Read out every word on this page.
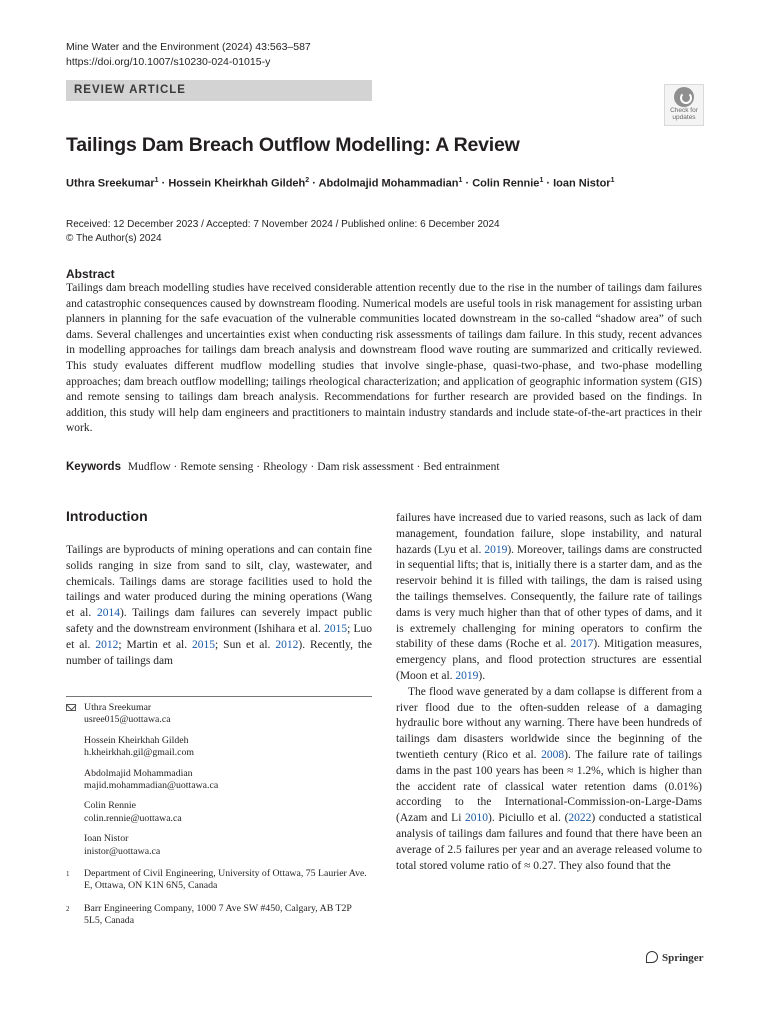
Mine Water and the Environment (2024) 43:563–587
https://doi.org/10.1007/s10230-024-01015-y
REVIEW ARTICLE
Check for
updates
Tailings Dam Breach Outflow Modelling: A Review
Uthra Sreekumar$^1$ · Hossein Kheirkhah Gildeh$^2$ · Abdolmajid Mohammadian$^1$ · Colin Rennie$^1$ · Ioan Nistor$^1$
Received: 12 December 2023 / Accepted: 7 November 2024 / Published online: 6 December 2024
© The Author(s) 2024
Abstract
Tailings dam breach modelling studies have received considerable attention recently due to the rise in the number of tailings dam failures and catastrophic consequences caused by downstream flooding. Numerical models are useful tools in risk management for assisting urban planners in planning for the safe evacuation of the vulnerable communities located downstream in the so-called “shadow area” of such dams. Several challenges and uncertainties exist when conducting risk assessments of tailings dam failure. In this study, recent advances in modelling approaches for tailings dam breach analysis and downstream flood wave routing are summarized and critically reviewed. This study evaluates different mudflow modelling studies that involve single-phase, quasi-two-phase, and two-phase modelling approaches; dam breach outflow modelling; tailings rheological characterization; and application of geographic information system (GIS) and remote sensing to tailings dam breach analysis. Recommendations for further research are provided based on the findings. In addition, this study will help dam engineers and practitioners to maintain industry standards and include state-of-the-art practices in their work.
Keywords Mudflow · Remote sensing · Rheology · Dam risk assessment · Bed entrainment
Introduction

Tailings are byproducts of mining operations and can contain fine solids ranging in size from sand to silt, clay, wastewater, and chemicals. Tailings dams are storage facilities used to hold the tailings and water produced during the mining operations (Wang et al. 2014). Tailings dam failures can severely impact public safety and the downstream environment (Ishihara et al. 2015; Luo et al. 2012; Martin et al. 2015; Sun et al. 2012). Recently, the number of tailings dam

failures have increased due to varied reasons, such as lack of dam management, foundation failure, slope instability, and natural hazards (Lyu et al. 2019). Moreover, tailings dams are constructed in sequential lifts; that is, initially there is a starter dam, and as the reservoir behind it is filled with tailings, the dam is raised using the tailings themselves. Consequently, the failure rate of tailings dams is very much higher than that of other types of dams, and it is extremely challenging for mining operators to confirm the stability of these dams (Roche et al. 2017). Mitigation measures, emergency plans, and flood protection structures are essential (Moon et al. 2019).

The flood wave generated by a dam collapse is different from a river flood due to the often-sudden release of a damaging hydraulic bore without any warning. There have been hundreds of tailings dam disasters worldwide since the beginning of the twentieth century (Rico et al. 2008). The failure rate of tailings dams in the past 100 years has been ≈ 1.2%, which is higher than the accident rate of classical water retention dams (0.01%) according to the International-Commission-on-Large-Dams (Azam and Li 2010). Piciullo et al. (2022) conducted a statistical analysis of tailings dam failures and found that there have been an average of 2.5 failures per year and an average released volume to total stored volume ratio of ≈ 0.27. They also found that the

Uthra Sreekumar
usree015@uottawa.ca
Hossein Kheirkhah Gildeh
h.kheirkhah.gil@gmail.com
Abdolmajid Mohammadian
majid.mohammadian@uottawa.ca
Colin Rennie
colin.rennie@uottawa.ca
Ioan Nistor
inistor@uottawa.ca
1 Department of Civil Engineering, University of Ottawa, 75 Laurier Ave. E, Ottawa, ON K1N 6N5, Canada
2 Barr Engineering Company, 1000 7 Ave SW #450, Calgary, AB T2P 5L5, Canada
Springer
